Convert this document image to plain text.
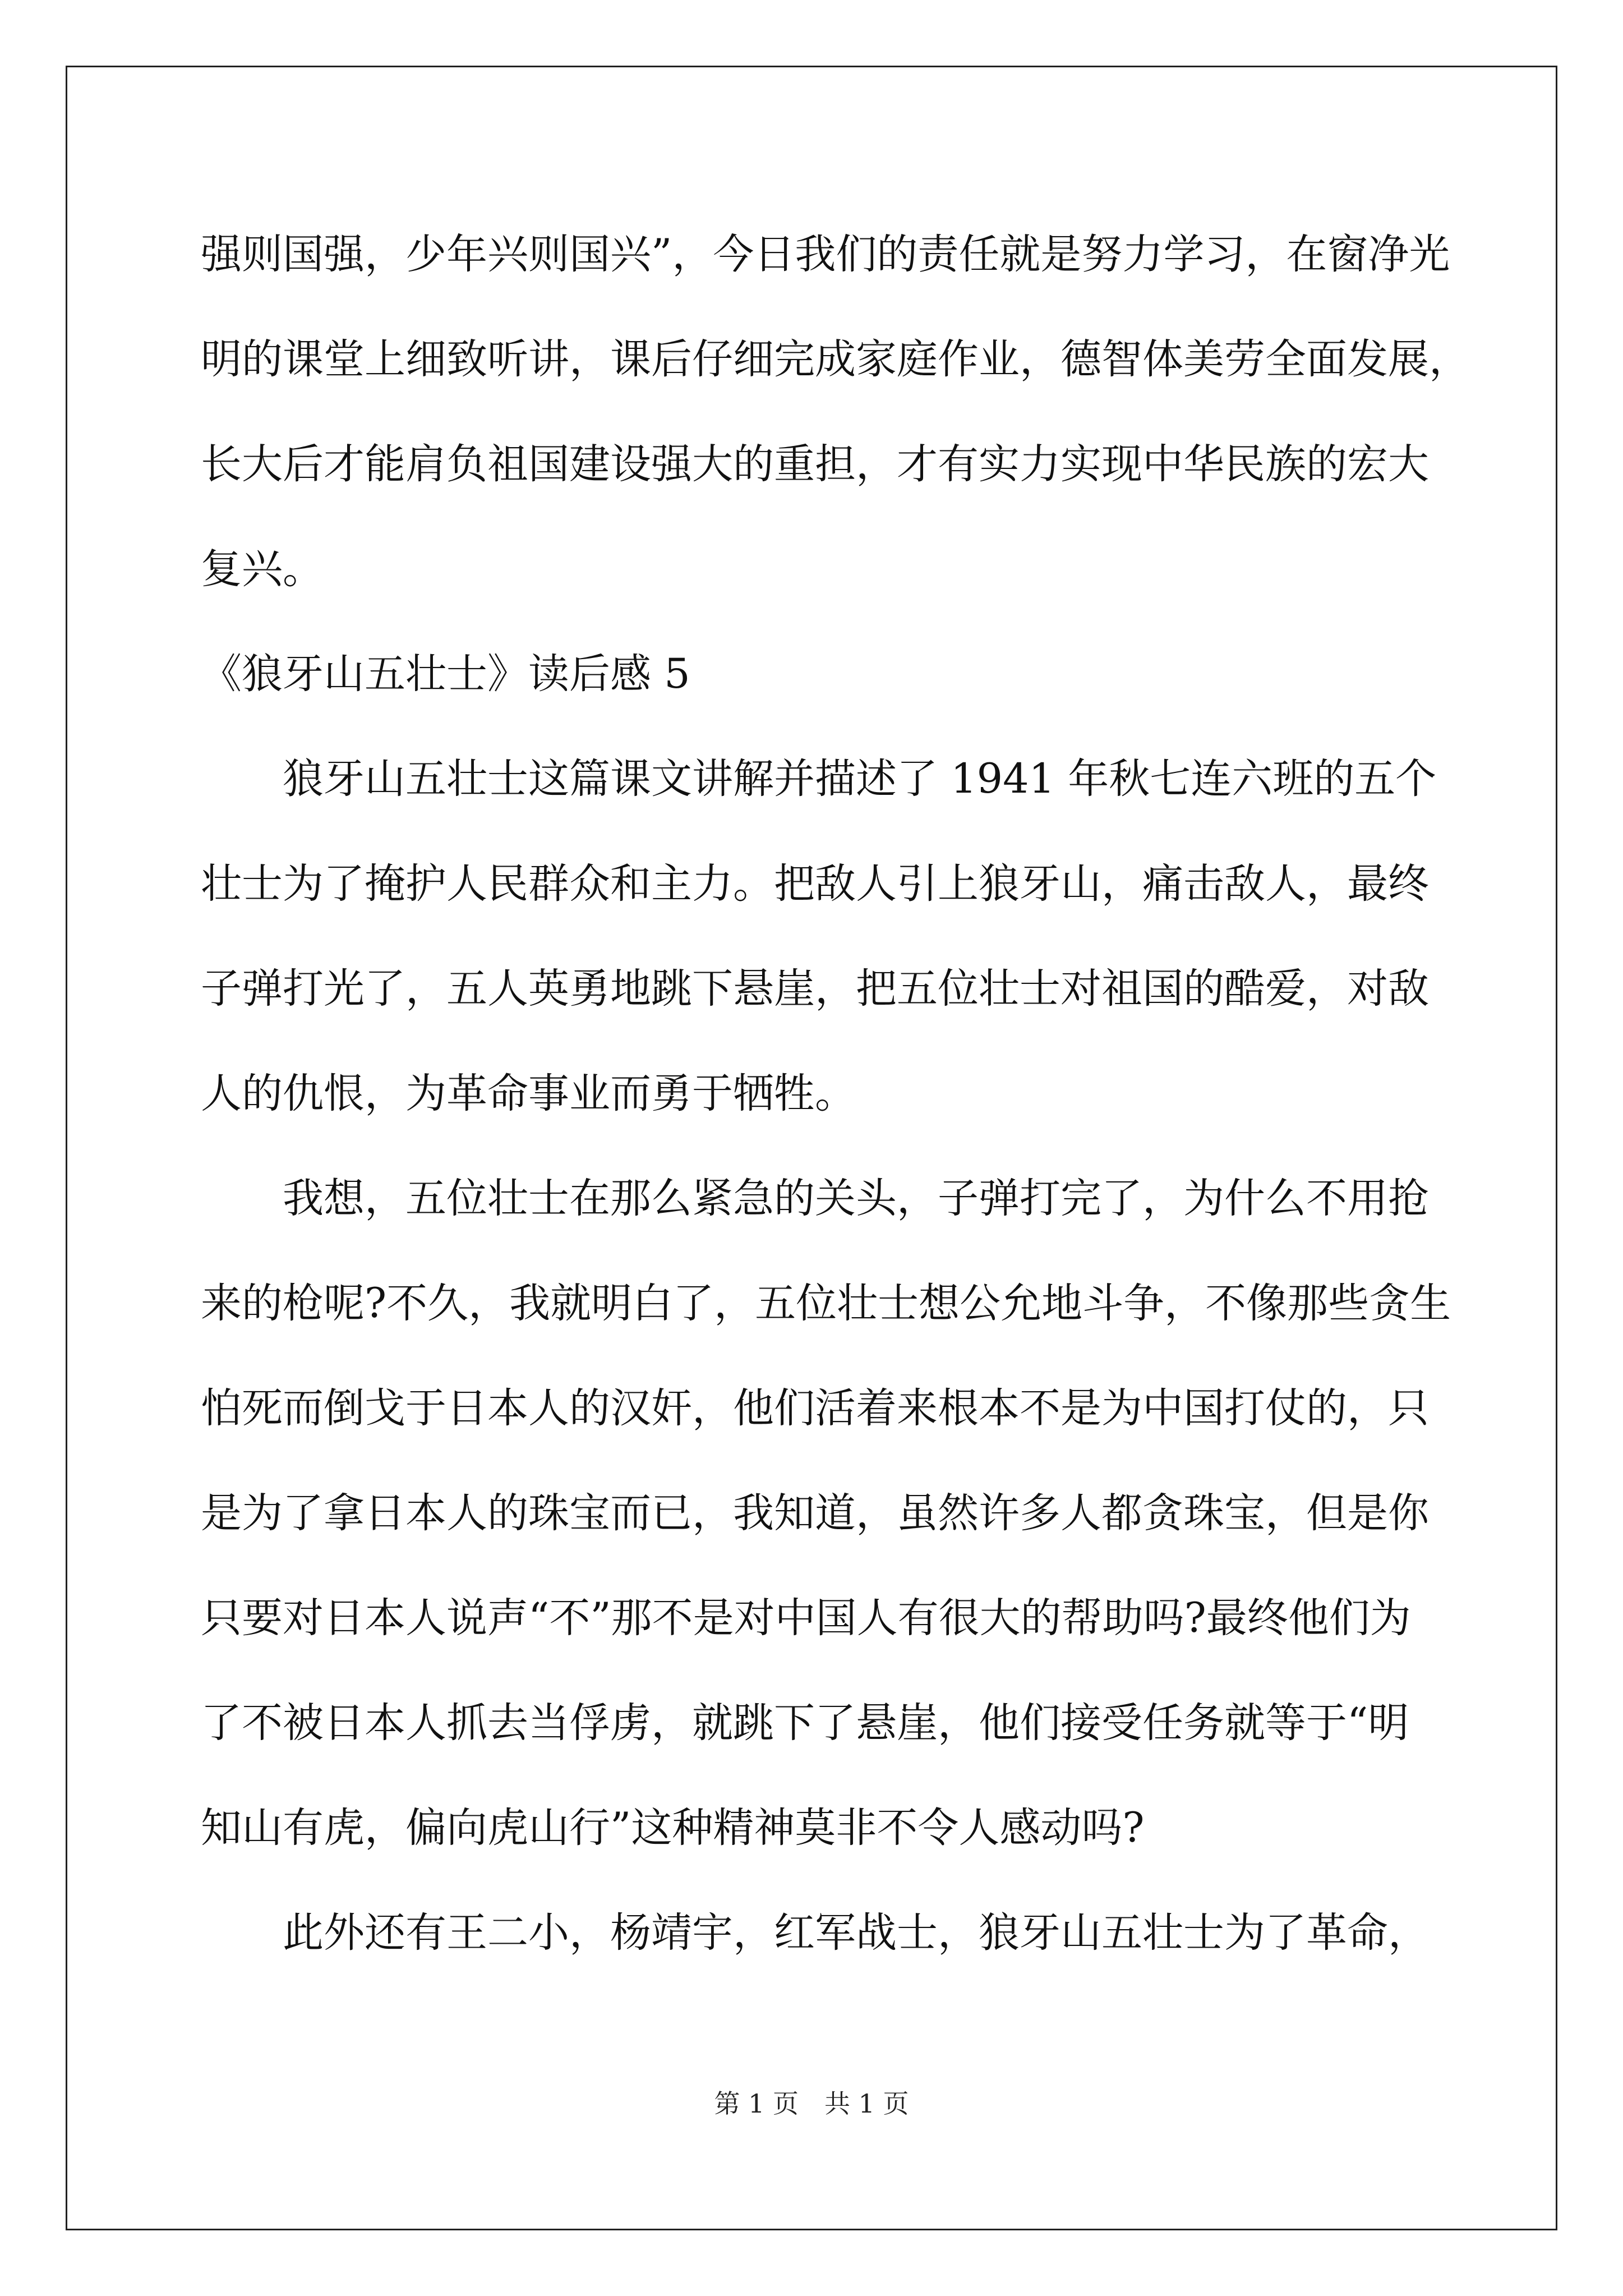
强则国强，少年兴则国兴”，今日我们的责任就是努力学习，在窗净光
明的课堂上细致听讲，课后仔细完成家庭作业，德智体美劳全面发展，
长大后才能肩负祖国建设强大的重担，才有实力实现中华民族的宏大
复兴。
《狼牙山五壮士》读后感 5
狼牙山五壮士这篇课文讲解并描述了 1941 年秋七连六班的五个
壮士为了掩护人民群众和主力。把敌人引上狼牙山，痛击敌人，最终
子弹打光了，五人英勇地跳下悬崖，把五位壮士对祖国的酷爱，对敌
人的仇恨，为革命事业而勇于牺牲。
我想，五位壮士在那么紧急的关头，子弹打完了，为什么不用抢
来的枪呢?不久，我就明白了，五位壮士想公允地斗争，不像那些贪生
怕死而倒戈于日本人的汉奸，他们活着来根本不是为中国打仗的，只
是为了拿日本人的珠宝而已，我知道，虽然许多人都贪珠宝，但是你
只要对日本人说声“不”那不是对中国人有很大的帮助吗?最终他们为
了不被日本人抓去当俘虏，就跳下了悬崖，他们接受任务就等于“明
知山有虎，偏向虎山行”这种精神莫非不令人感动吗?
此外还有王二小，杨靖宇，红军战士，狼牙山五壮士为了革命，
第 1 页　共 1 页
